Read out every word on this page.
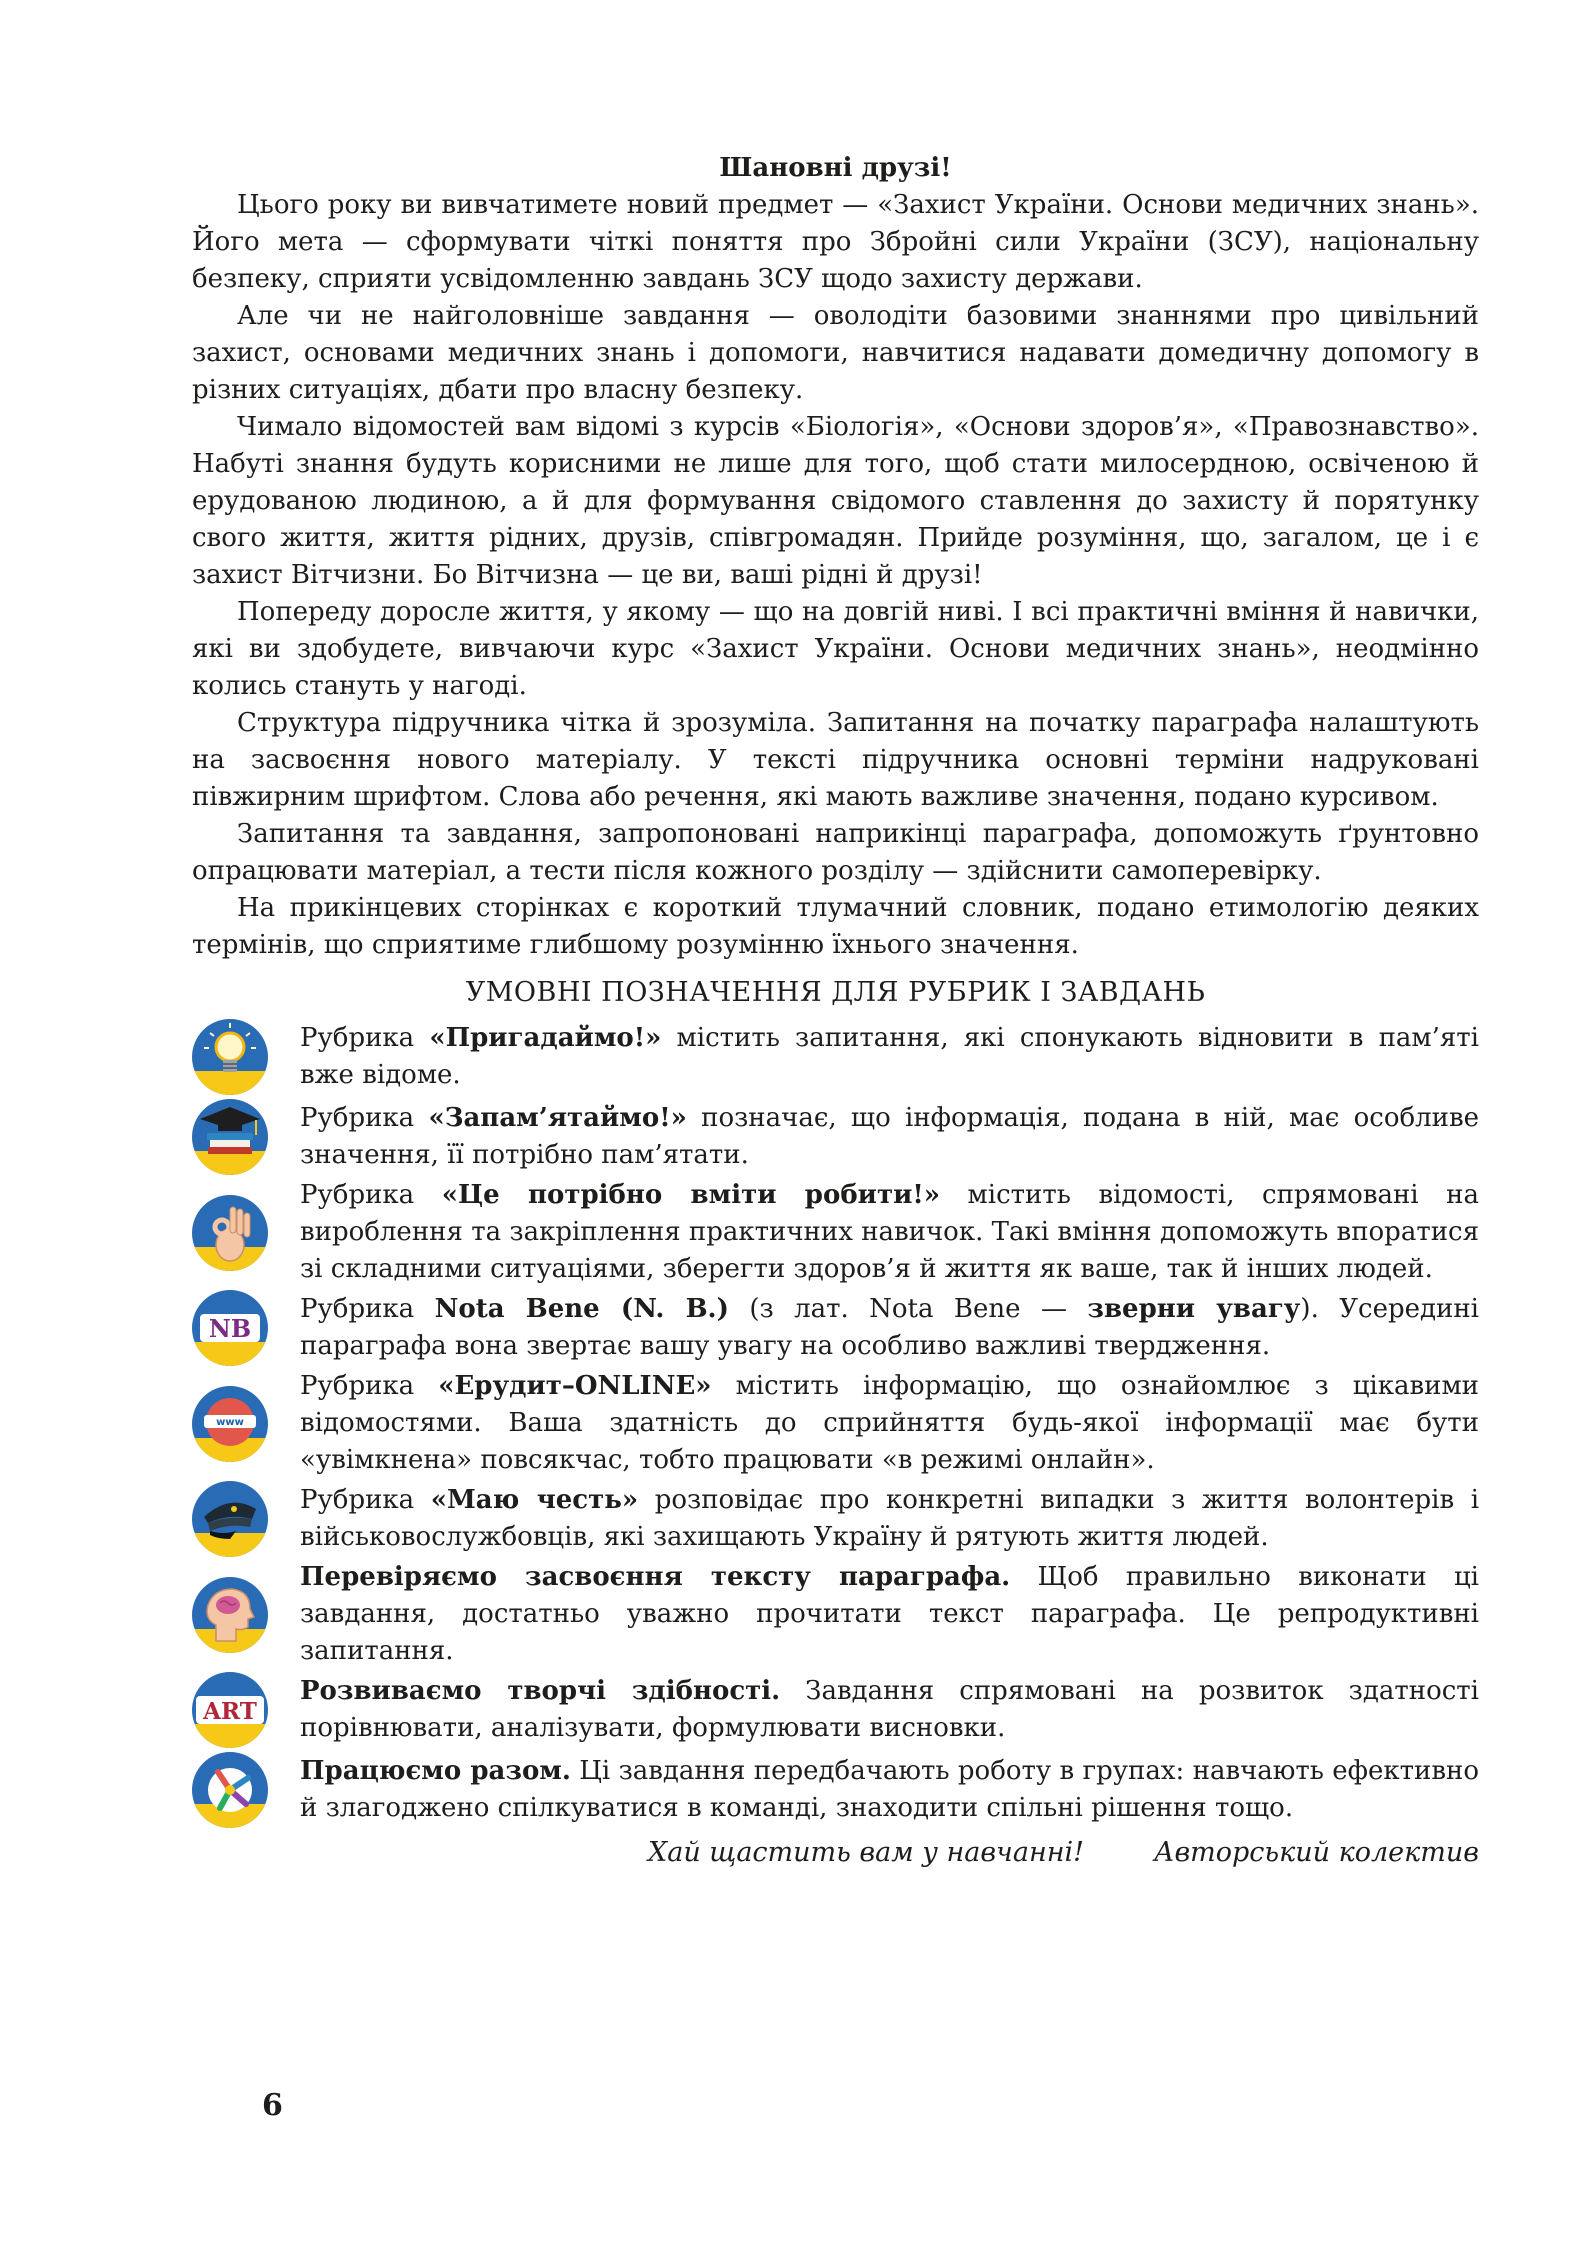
Шановні друзі!

Цього року ви вивчатимете новий предмет — «Захист України. Основи медичних знань». Його мета — сформувати чіткі поняття про Збройні сили України (ЗСУ), національну безпеку, сприяти усвідомленню завдань ЗСУ щодо захисту держави.

Але чи не найголовніше завдання — оволодіти базовими знаннями про цивільний захист, основами медичних знань і допомоги, навчитися надавати домедичну допомогу в різних ситуаціях, дбати про власну безпеку.

Чимало відомостей вам відомі з курсів «Біологія», «Основи здоров’я», «Правознавство». Набуті знання будуть корисними не лише для того, щоб стати милосердною, освіченою й ерудованою людиною, а й для формування свідомого ставлення до захисту й порятунку свого життя, життя рідних, друзів, співгромадян. Прийде розуміння, що, загалом, це і є захист Вітчизни. Бо Вітчизна — це ви, ваші рідні й друзі!

Попереду доросле життя, у якому — що на довгій ниві. І всі практичні вміння й навички, які ви здобудете, вивчаючи курс «Захист України. Основи медичних знань», неодмінно колись стануть у нагоді.

Структура підручника чітка й зрозуміла. Запитання на початку параграфа налаштують на засвоєння нового матеріалу. У тексті підручника основні терміни надруковані півжирним шрифтом. Слова або речення, які мають важливе значення, подано курсивом.

Запитання та завдання, запропоновані наприкінці параграфа, допоможуть ґрунтовно опрацювати матеріал, а тести після кожного розділу — здійснити самоперевірку.

На прикінцевих сторінках є короткий тлумачний словник, подано етимологію деяких термінів, що сприятиме глибшому розумінню їхнього значення.

УМОВНІ ПОЗНАЧЕННЯ ДЛЯ РУБРИК І ЗАВДАНЬ
Рубрика «Пригадаймо!» містить запитання, які спонукають відновити в пам’яті вже відоме.
Рубрика «Запам’ятаймо!» позначає, що інформація, подана в ній, має особливе значення, її потрібно пам’ятати.
Рубрика «Це потрібно вміти робити!» містить відомості, спрямовані на вироблення та закріплення практичних навичок. Такі вміння допоможуть впоратися зі складними ситуаціями, зберегти здоров’я й життя як ваше, так й інших людей.
NB
Рубрика Nota Bene (N. B.) (з лат. Nota Bene — зверни увагу). Усередині параграфа вона звертає вашу увагу на особливо важливі твердження.
www
Рубрика «Ерудит–ONLINE» містить інформацію, що ознайомлює з цікавими відомостями. Ваша здатність до сприйняття будь-якої інформації має бути «увімкнена» повсякчас, тобто працювати «в режимі онлайн».
Рубрика «Маю честь» розповідає про конкретні випадки з життя волонтерів і військовослужбовців, які захищають Україну й рятують життя людей.
Перевіряємо засвоєння тексту параграфа. Щоб правильно виконати ці завдання, достатньо уважно прочитати текст параграфа. Це репродуктивні запитання.
ART
Розвиваємо творчі здібності. Завдання спрямовані на розвиток здатності порівнювати, аналізувати, формулювати висновки.
Працюємо разом. Ці завдання передбачають роботу в групах: навчають ефективно й злагоджено спілкуватися в команді, знаходити спільні рішення тощо.
Хай щастить вам у навчанні!	Авторський колектив
6
